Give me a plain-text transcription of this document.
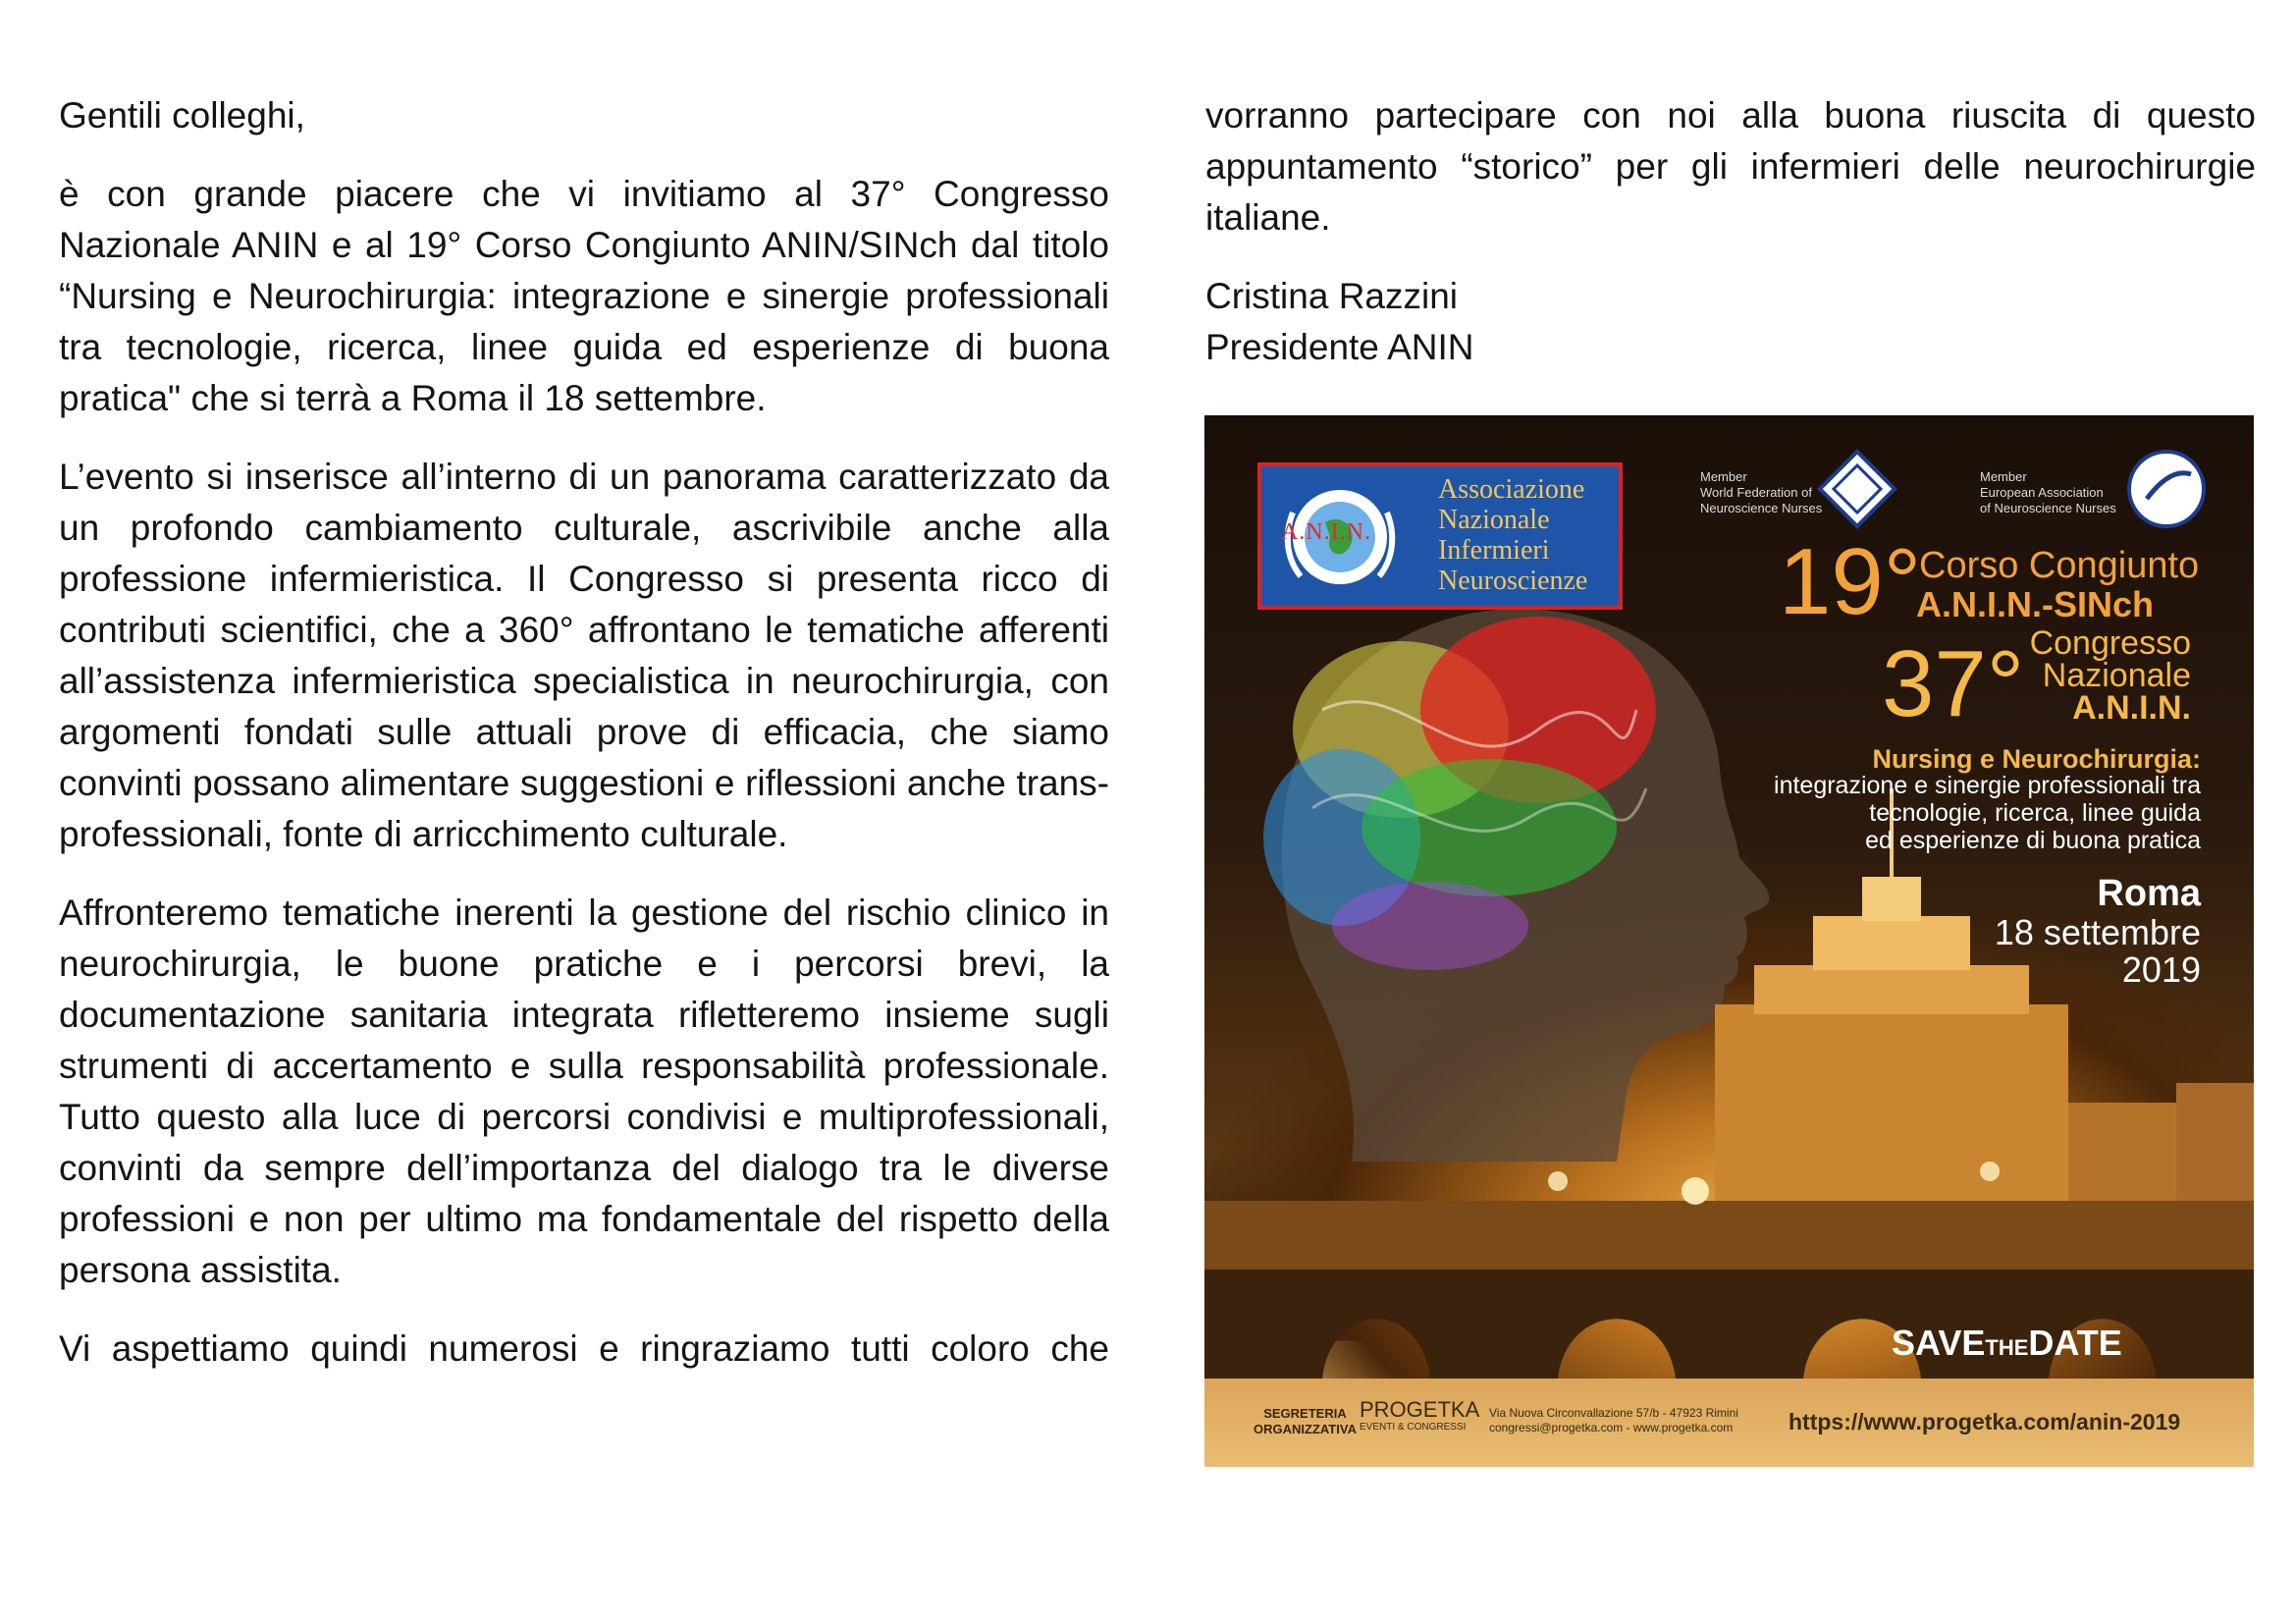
Gentili colleghi,

è con grande piacere che vi invitiamo al 37° Congresso Nazionale ANIN e al 19° Corso Congiunto ANIN/SINch dal titolo “Nursing e Neurochirurgia: integrazione e sinergie professionali tra tecnologie, ricerca, linee guida ed esperienze di buona pratica" che si terrà a Roma il 18 settembre.

L’evento si inserisce all’interno di un panorama caratterizzato da un profondo cambiamento culturale, ascrivibile anche alla professione infermieristica. Il Congresso si presenta ricco di contributi scientifici, che a 360° affrontano le tematiche afferenti all’assistenza infermieristica specialistica in neurochirurgia, con argomenti fondati sulle attuali prove di efficacia, che siamo convinti possano alimentare suggestioni e riflessioni anche trans-professionali, fonte di arricchimento culturale.

Affronteremo tematiche inerenti la gestione del rischio clinico in neurochirurgia, le buone pratiche e i percorsi brevi, la documentazione sanitaria integrata rifletteremo insieme sugli strumenti di accertamento e sulla responsabilità professionale. Tutto questo alla luce di percorsi condivisi e multiprofessionali, convinti da sempre dell’importanza del dialogo tra le diverse professioni e non per ultimo ma fondamentale del rispetto della persona assistita.

Vi aspettiamo quindi numerosi e ringraziamo tutti coloro che

vorranno partecipare con noi alla buona riuscita di questo appuntamento “storico” per gli infermieri delle neurochirurgie italiane.

Cristina Razzini

Presidente ANIN

A.N.I.N.
Associazione
Nazionale
Infermieri
Neuroscienze
Member
World Federation of
Neuroscience Nurses
Member
European Association
of Neuroscience Nurses
19°
Corso Congiunto
A.N.I.N.-SINch
37° Congresso
Nazionale
A.N.I.N.
Nursing e Neurochirurgia:
integrazione e sinergie professionali tra
tecnologie, ricerca, linee guida
ed esperienze di buona pratica
Roma
18 settembre
2019
SAVETHEDATE
SEGRETERIA
ORGANIZZATIVA
PROGETKA
EVENTI & CONGRESSI
Via Nuova Circonvallazione 57/b - 47923 Rimini
congressi@progetka.com - www.progetka.com https://www.progetka.com/anin-2019
